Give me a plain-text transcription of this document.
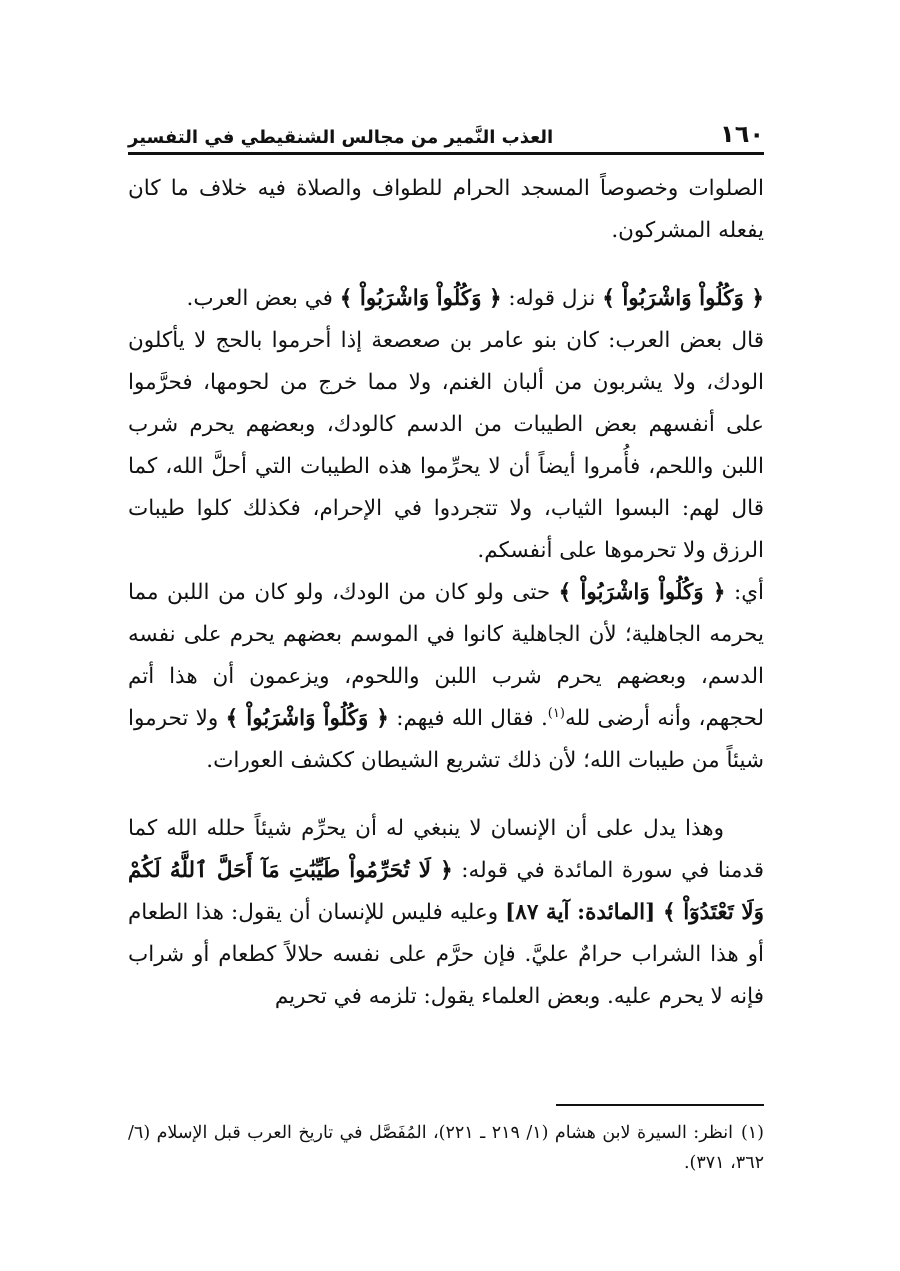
١٦٠
العذب النَّمير من مجالس الشنقيطي في التفسير

الصلوات وخصوصاً المسجد الحرام للطواف والصلاة فيه خلاف ما كان يفعله المشركون.

﴿ وَكُلُواْ وَاشْرَبُواْ ﴾ نزل قوله: ﴿ وَكُلُواْ وَاشْرَبُواْ ﴾ في بعض العرب.
قال بعض العرب: كان بنو عامر بن صعصعة إذا أحرموا بالحج لا يأكلون الودك، ولا يشربون من ألبان الغنم، ولا مما خرج من لحومها، فحرَّموا على أنفسهم بعض الطيبات من الدسم كالودك، وبعضهم يحرم شرب اللبن واللحم، فأُمروا أيضاً أن لا يحرِّموا هذه الطيبات التي أحلَّ الله، كما قال لهم: البسوا الثياب، ولا تتجردوا في الإحرام، فكذلك كلوا طيبات الرزق ولا تحرموها على أنفسكم.
أي: ﴿ وَكُلُواْ وَاشْرَبُواْ ﴾ حتى ولو كان من الودك، ولو كان من اللبن مما يحرمه الجاهلية؛ لأن الجاهلية كانوا في الموسم بعضهم يحرم على نفسه الدسم، وبعضهم يحرم شرب اللبن واللحوم، ويزعمون أن هذا أتم لحجهم، وأنه أرضى لله$^{(١)}$. فقال الله فيهم: ﴿ وَكُلُواْ وَاشْرَبُواْ ﴾ ولا تحرموا شيئاً من طيبات الله؛ لأن ذلك تشريع الشيطان ككشف العورات.

وهذا يدل على أن الإنسان لا ينبغي له أن يحرِّم شيئاً حلله الله كما قدمنا في سورة المائدة في قوله: ﴿ لَا تُحَرِّمُواْ طَيِّبَٰتِ مَآ أَحَلَّ ٱللَّهُ لَكُمْ وَلَا تَعْتَدُوٓاْ ﴾ [المائدة: آية ٨٧] وعليه فليس للإنسان أن يقول: هذا الطعام أو هذا الشراب حرامٌ عليَّ. فإن حرَّم على نفسه حلالاً كطعام أو شراب فإنه لا يحرم عليه. وبعض العلماء يقول: تلزمه في تحريم

(١)انظر: السيرة لابن هشام (١/ ٢١٩ ـ ٢٢١)، المُفَصَّل في تاريخ العرب قبل الإسلام (٦/ ٣٦٢، ٣٧١).
